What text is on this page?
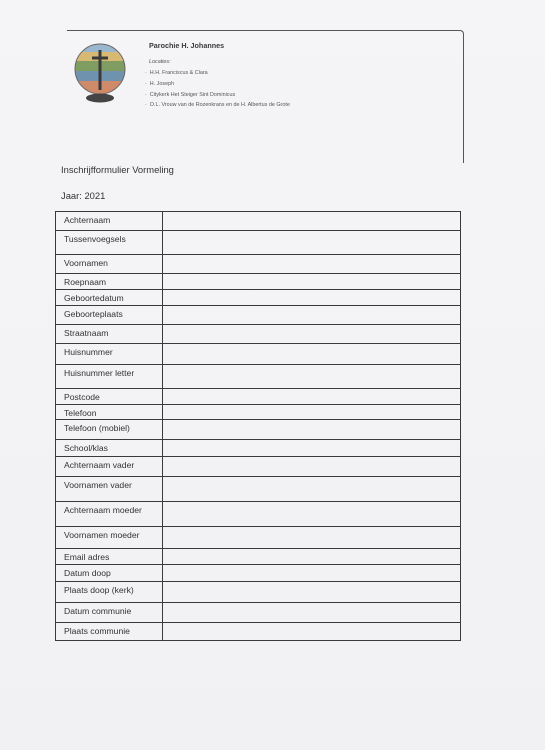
Parochie H. Johannes
Locaties:
· H.H. Franciscus & Clara
· H. Joseph
· Citykerk Het Steiger Sint Dominicus
· O.L. Vrouw van de Rozenkrans en de H. Albertus de Grote
Inschrijfformulier Vormeling
Jaar: 2021
Achternaam	
Tussenvoegsels	
Voornamen	
Roepnaam	
Geboortedatum	
Geboorteplaats	
Straatnaam	
Huisnummer	
Huisnummer letter	
Postcode	
Telefoon	
Telefoon (mobiel)	
School/klas	

Achternaam vader	
Voornamen vader	
Achternaam moeder	
Voornamen moeder	
Email adres	
Datum doop	
Plaats doop (kerk)	
Datum communie	
Plaats communie	
